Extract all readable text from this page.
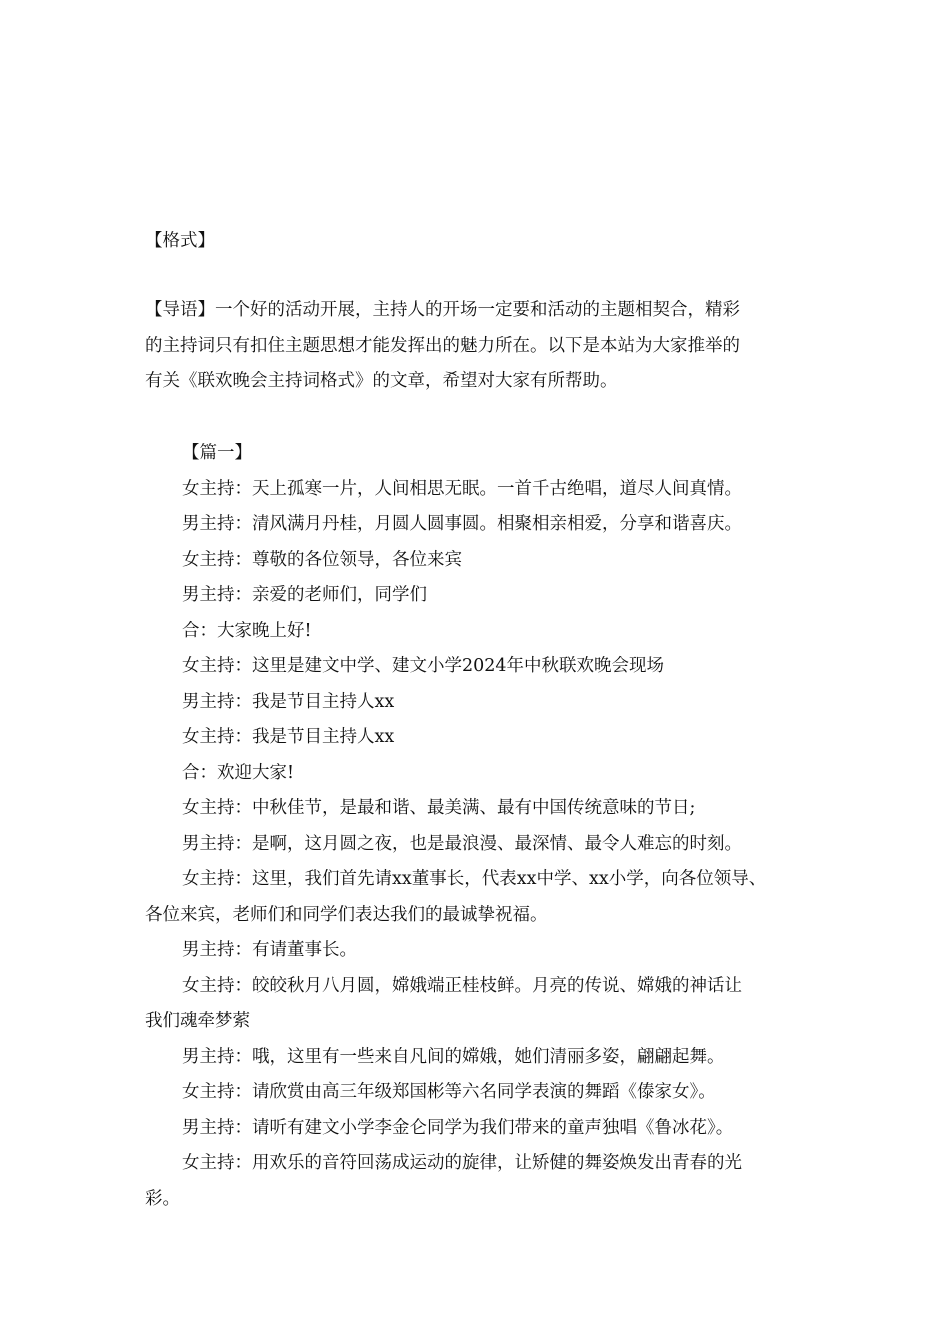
【格式】
【导语】一个好的活动开展，主持人的开场一定要和活动的主题相契合，精彩
的主持词只有扣住主题思想才能发挥出的魅力所在。以下是本站为大家推举的
有关《联欢晚会主持词格式》的文章，希望对大家有所帮助。
【篇一】
女主持：天上孤寒一片，人间相思无眠。一首千古绝唱，道尽人间真情。
男主持：清风满月丹桂，月圆人圆事圆。相聚相亲相爱，分享和谐喜庆。
女主持：尊敬的各位领导，各位来宾
男主持：亲爱的老师们，同学们
合：大家晚上好!
女主持：这里是建文中学、建文小学2024年中秋联欢晚会现场
男主持：我是节目主持人xx
女主持：我是节目主持人xx
合：欢迎大家!
女主持：中秋佳节，是最和谐、最美满、最有中国传统意味的节日;
男主持：是啊，这月圆之夜，也是最浪漫、最深情、最令人难忘的时刻。
女主持：这里，我们首先请xx董事长，代表xx中学、xx小学，向各位领导、
各位来宾，老师们和同学们表达我们的最诚挚祝福。
男主持：有请董事长。
女主持：皎皎秋月八月圆，嫦娥端正桂枝鲜。月亮的传说、嫦娥的神话让
我们魂牵梦萦
男主持：哦，这里有一些来自凡间的嫦娥，她们清丽多姿，翩翩起舞。
女主持：请欣赏由高三年级郑国彬等六名同学表演的舞蹈《傣家女》。
男主持：请听有建文小学李金仑同学为我们带来的童声独唱《鲁冰花》。
女主持：用欢乐的音符回荡成运动的旋律，让矫健的舞姿焕发出青春的光
彩。
